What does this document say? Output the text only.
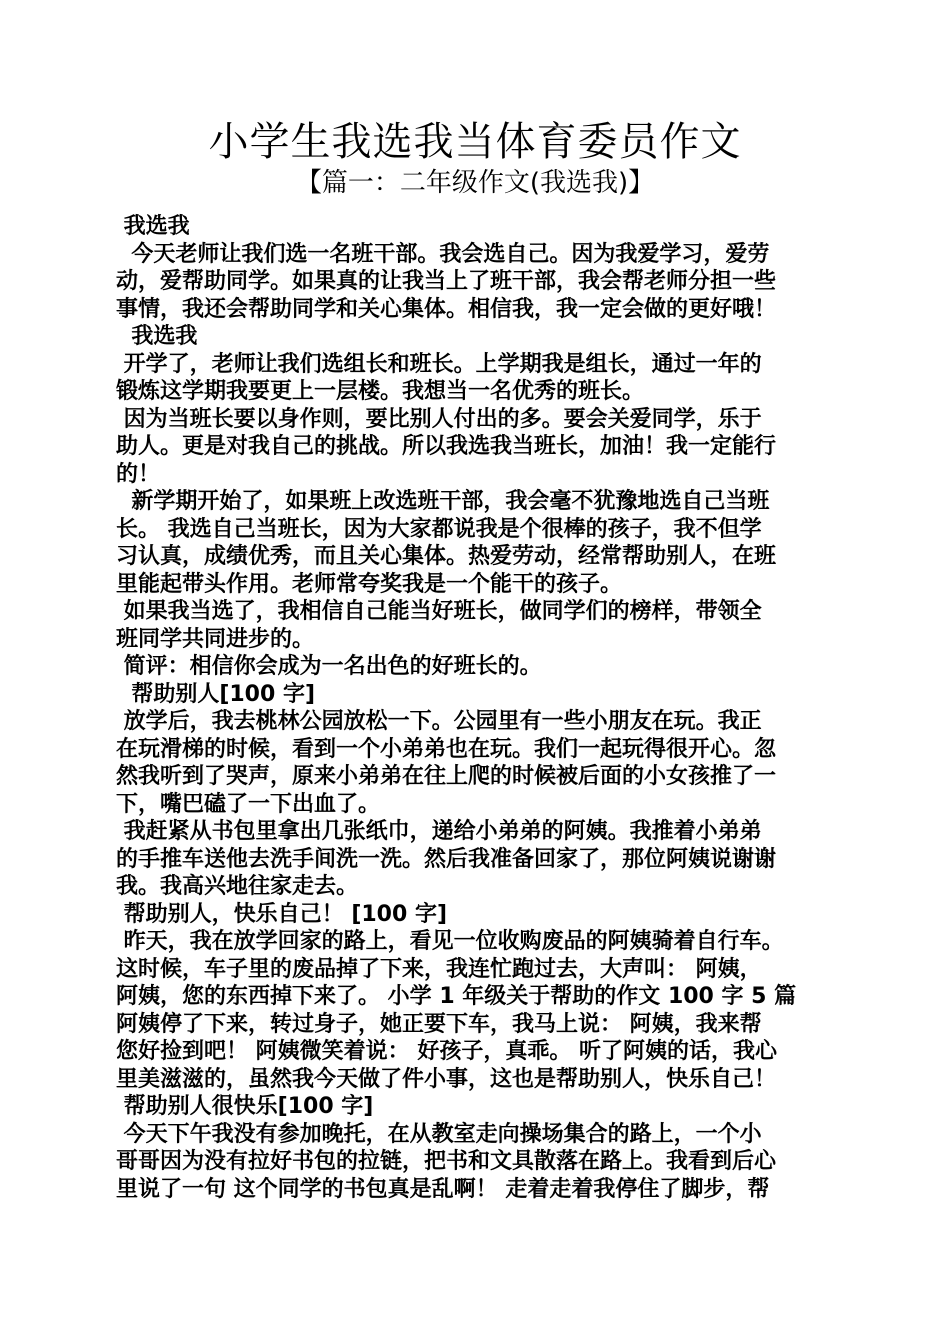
小学生我选我当体育委员作文
【篇一：二年级作文(我选我)】

我选我

今天老师让我们选一名班干部。我会选自己。因为我爱学习，爱劳

动，爱帮助同学。如果真的让我当上了班干部，我会帮老师分担一些

事情，我还会帮助同学和关心集体。相信我，我一定会做的更好哦！

我选我

开学了，老师让我们选组长和班长。上学期我是组长，通过一年的

锻炼这学期我要更上一层楼。我想当一名优秀的班长。

因为当班长要以身作则，要比别人付出的多。要会关爱同学，乐于

助人。更是对我自己的挑战。所以我选我当班长，加油！我一定能行

的！

新学期开始了，如果班上改选班干部，我会毫不犹豫地选自己当班

长。 我选自己当班长，因为大家都说我是个很棒的孩子，我不但学

习认真，成绩优秀，而且关心集体。热爱劳动，经常帮助别人，在班

里能起带头作用。老师常夸奖我是一个能干的孩子。

如果我当选了，我相信自己能当好班长，做同学们的榜样，带领全

班同学共同进步的。

简评：相信你会成为一名出色的好班长的。

帮助别人[100 字]

放学后，我去桃林公园放松一下。公园里有一些小朋友在玩。我正

在玩滑梯的时候，看到一个小弟弟也在玩。我们一起玩得很开心。忽

然我听到了哭声，原来小弟弟在往上爬的时候被后面的小女孩推了一

下，嘴巴磕了一下出血了。

我赶紧从书包里拿出几张纸巾，递给小弟弟的阿姨。我推着小弟弟

的手推车送他去洗手间洗一洗。然后我准备回家了，那位阿姨说谢谢

我。我高兴地往家走去。

帮助别人，快乐自己！ [100 字]

昨天，我在放学回家的路上，看见一位收购废品的阿姨骑着自行车。

这时候，车子里的废品掉了下来，我连忙跑过去，大声叫： 阿姨，

阿姨，您的东西掉下来了。 小学 1 年级关于帮助的作文 100 字 5 篇

阿姨停了下来，转过身子，她正要下车，我马上说： 阿姨，我来帮

您好捡到吧！ 阿姨微笑着说： 好孩子，真乖。 听了阿姨的话，我心

里美滋滋的，虽然我今天做了件小事，这也是帮助别人，快乐自己！

帮助别人很快乐[100 字]

今天下午我没有参加晚托，在从教室走向操场集合的路上，一个小

哥哥因为没有拉好书包的拉链，把书和文具散落在路上。我看到后心

里说了一句 这个同学的书包真是乱啊！ 走着走着我停住了脚步，帮
